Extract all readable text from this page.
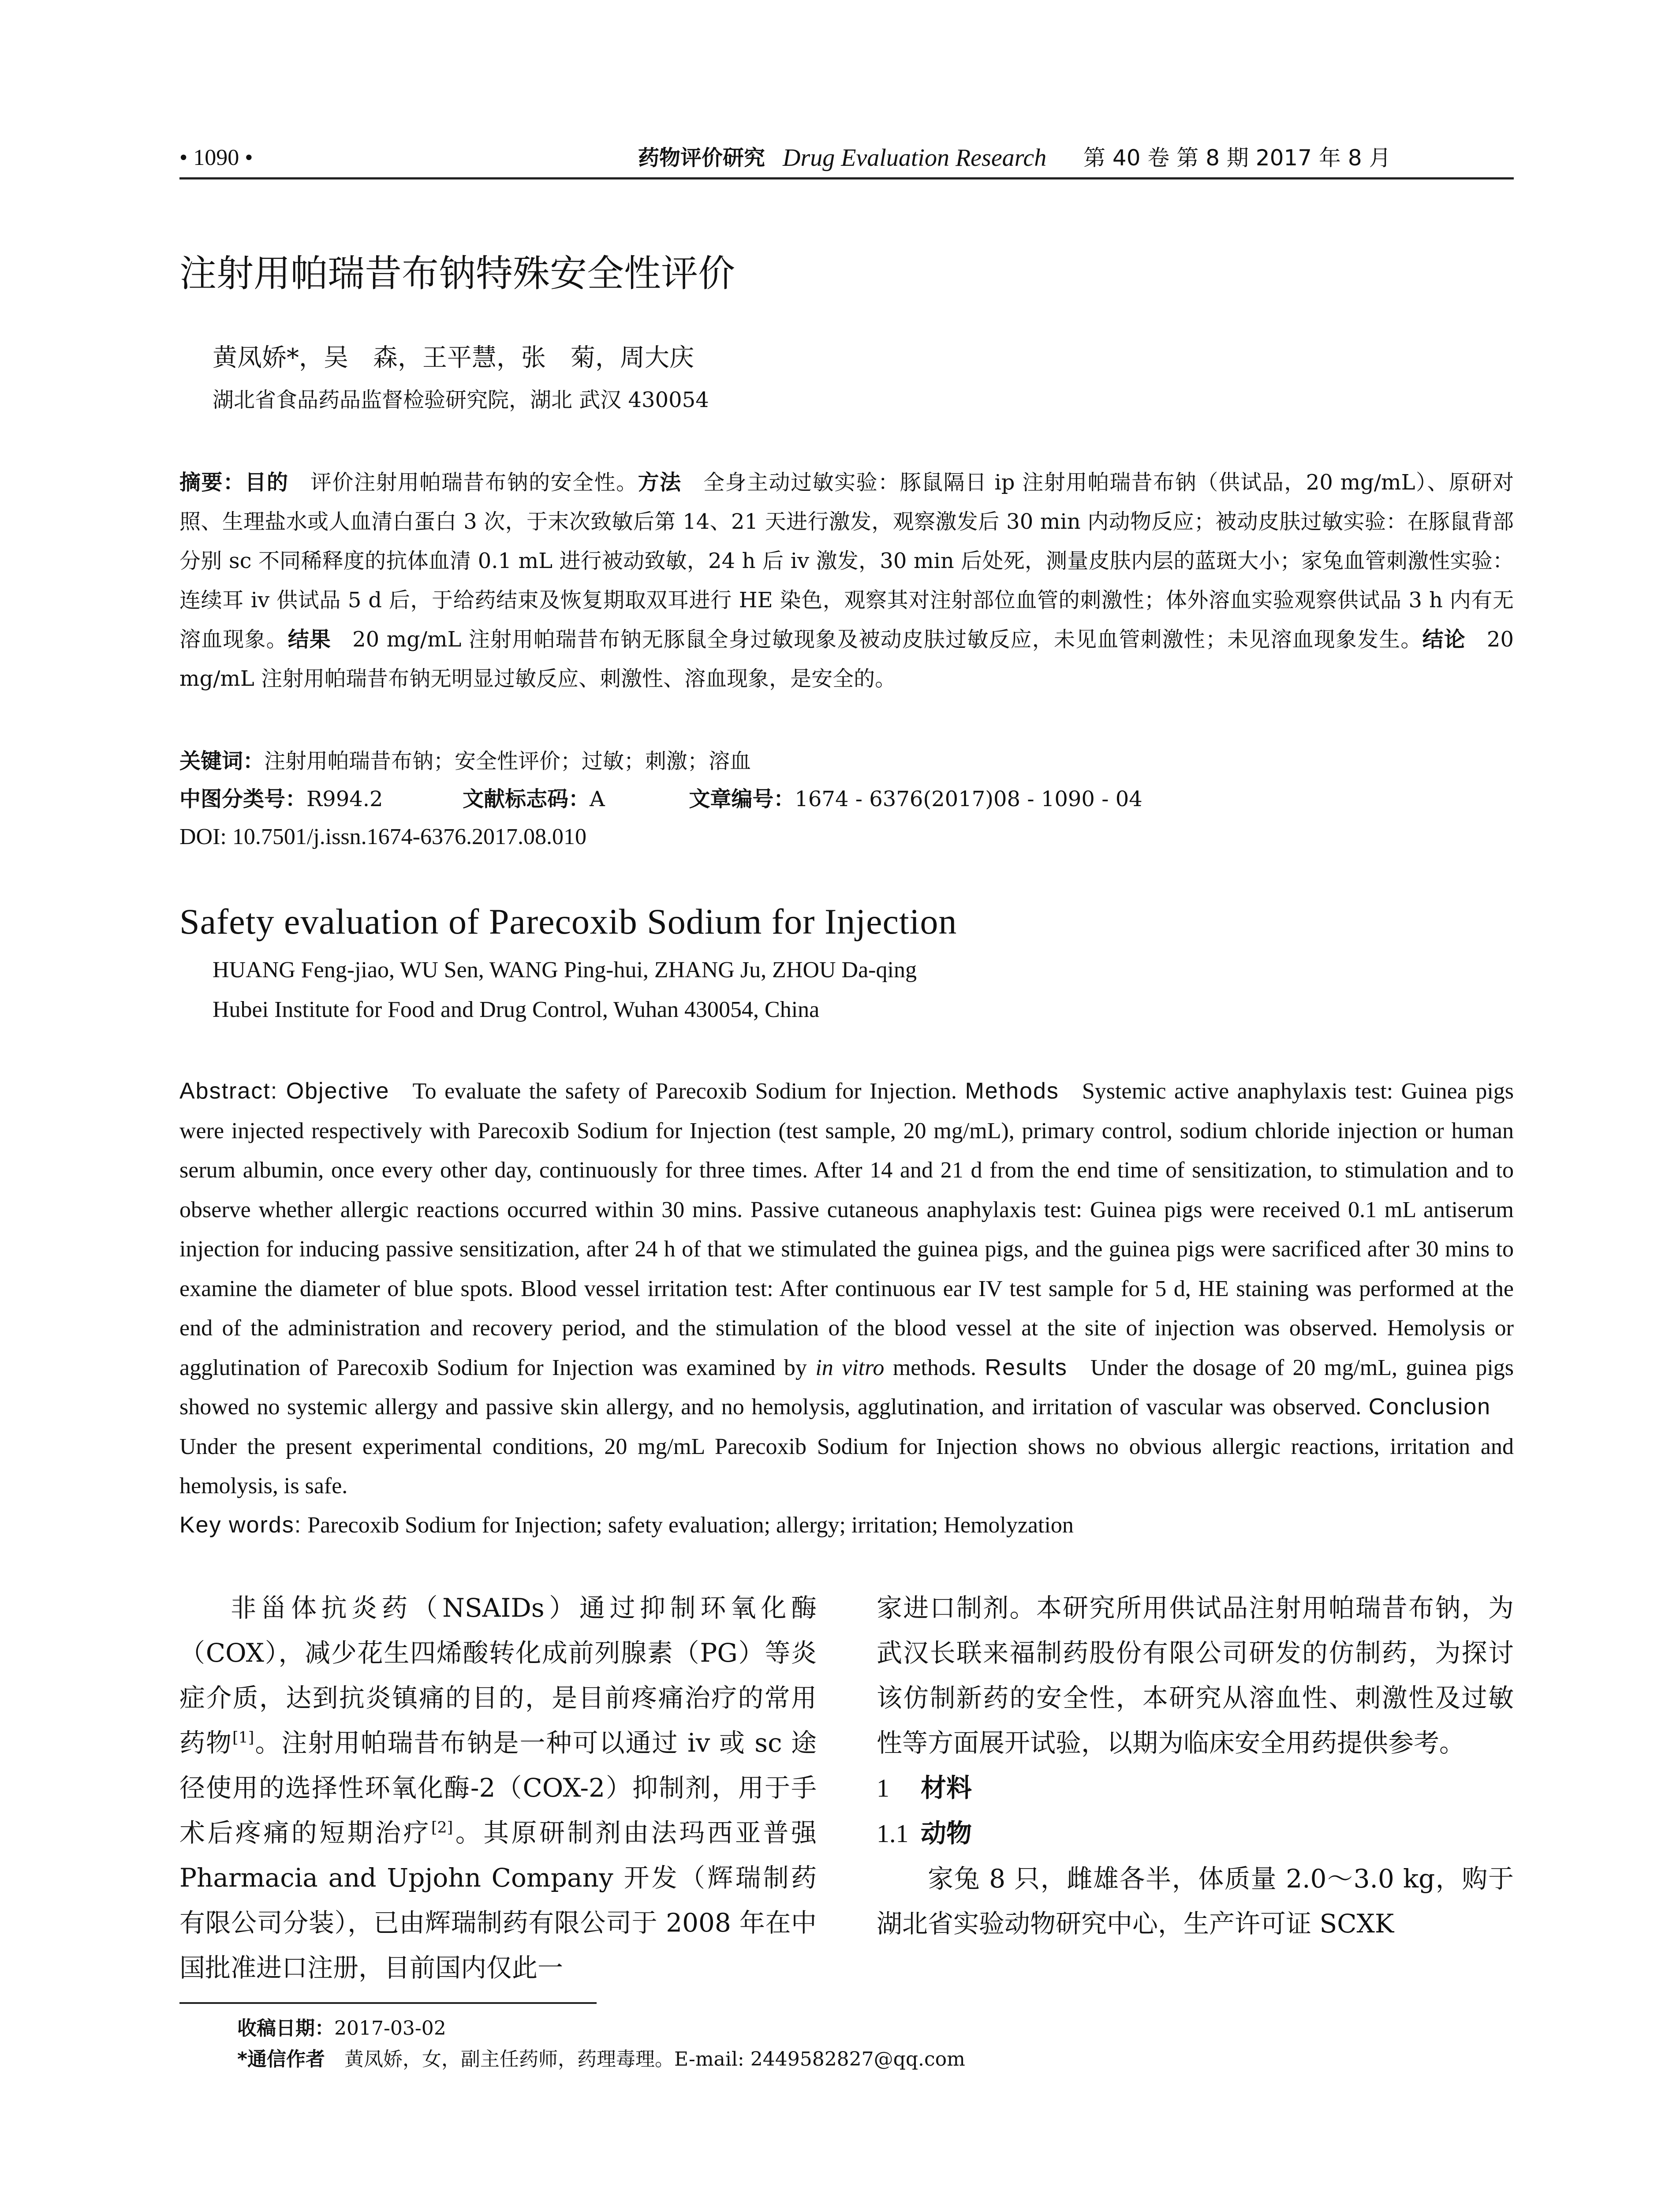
• 1090 •	药物评价研究 Drug Evaluation Research 第 40 卷 第 8 期 2017 年 8 月
注射用帕瑞昔布钠特殊安全性评价
黄凤娇*，吴　森，王平慧，张　菊，周大庆
湖北省食品药品监督检验研究院，湖北 武汉 430054
摘要：目的  评价注射用帕瑞昔布钠的安全性。方法  全身主动过敏实验：豚鼠隔日 ip 注射用帕瑞昔布钠（供试品，20 mg/mL）、原研对照、生理盐水或人血清白蛋白 3 次，于末次致敏后第 14、21 天进行激发，观察激发后 30 min 内动物反应；被动皮肤过敏实验：在豚鼠背部分别 sc 不同稀释度的抗体血清 0.1 mL 进行被动致敏，24 h 后 iv 激发，30 min 后处死，测量皮肤内层的蓝斑大小；家兔血管刺激性实验：连续耳 iv 供试品 5 d 后，于给药结束及恢复期取双耳进行 HE 染色，观察其对注射部位血管的刺激性；体外溶血实验观察供试品 3 h 内有无溶血现象。结果  20 mg/mL 注射用帕瑞昔布钠无豚鼠全身过敏现象及被动皮肤过敏反应，未见血管刺激性；未见溶血现象发生。结论  20 mg/mL 注射用帕瑞昔布钠无明显过敏反应、刺激性、溶血现象，是安全的。
关键词：注射用帕瑞昔布钠；安全性评价；过敏；刺激；溶血
中图分类号：R994.2	文献标志码：A	文章编号：1674 - 6376(2017)08 - 1090 - 04
DOI: 10.7501/j.issn.1674-6376.2017.08.010
Safety evaluation of Parecoxib Sodium for Injection
HUANG Feng-jiao, WU Sen, WANG Ping-hui, ZHANG Ju, ZHOU Da-qing
Hubei Institute for Food and Drug Control, Wuhan 430054, China
Abstract: Objective  To evaluate the safety of Parecoxib Sodium for Injection. Methods  Systemic active anaphylaxis test: Guinea pigs were injected respectively with Parecoxib Sodium for Injection (test sample, 20 mg/mL), primary control, sodium chloride injection or human serum albumin, once every other day, continuously for three times. After 14 and 21 d from the end time of sensitization, to stimulation and to observe whether allergic reactions occurred within 30 mins. Passive cutaneous anaphylaxis test: Guinea pigs were received 0.1 mL antiserum injection for inducing passive sensitization, after 24 h of that we stimulated the guinea pigs, and the guinea pigs were sacrificed after 30 mins to examine the diameter of blue spots. Blood vessel irritation test: After continuous ear IV test sample for 5 d, HE staining was performed at the end of the administration and recovery period, and the stimulation of the blood vessel at the site of injection was observed. Hemolysis or agglutination of Parecoxib Sodium for Injection was examined by in vitro methods. Results  Under the dosage of 20 mg/mL, guinea pigs showed no systemic allergy and passive skin allergy, and no hemolysis, agglutination, and irritation of vascular was observed. Conclusion Under the present experimental conditions, 20 mg/mL Parecoxib Sodium for Injection shows no obvious allergic reactions, irritation and hemolysis, is safe.
Key words: Parecoxib Sodium for Injection; safety evaluation; allergy; irritation; Hemolyzation

非甾体抗炎药（NSAIDs）通过抑制环氧化酶（COX），减少花生四烯酸转化成前列腺素（PG）等炎症介质，达到抗炎镇痛的目的，是目前疼痛治疗的常用药物[1]。注射用帕瑞昔布钠是一种可以通过 iv 或 sc 途径使用的选择性环氧化酶-2（COX-2）抑制剂，用于手术后疼痛的短期治疗[2]。其原研制剂由法玛西亚普强 Pharmacia and Upjohn Company 开发（辉瑞制药有限公司分装），已由辉瑞制药有限公司于 2008 年在中国批准进口注册，目前国内仅此一

家进口制剂。本研究所用供试品注射用帕瑞昔布钠，为武汉长联来福制药股份有限公司研发的仿制药，为探讨该仿制新药的安全性，本研究从溶血性、刺激性及过敏性等方面展开试验，以期为临床安全用药提供参考。

1 材料
1.1 动物

家兔 8 只，雌雄各半，体质量 2.0～3.0 kg，购于湖北省实验动物研究中心，生产许可证 SCXK

收稿日期：2017-03-02
*通信作者  黄凤娇，女，副主任药师，药理毒理。E-mail: 2449582827@qq.com
